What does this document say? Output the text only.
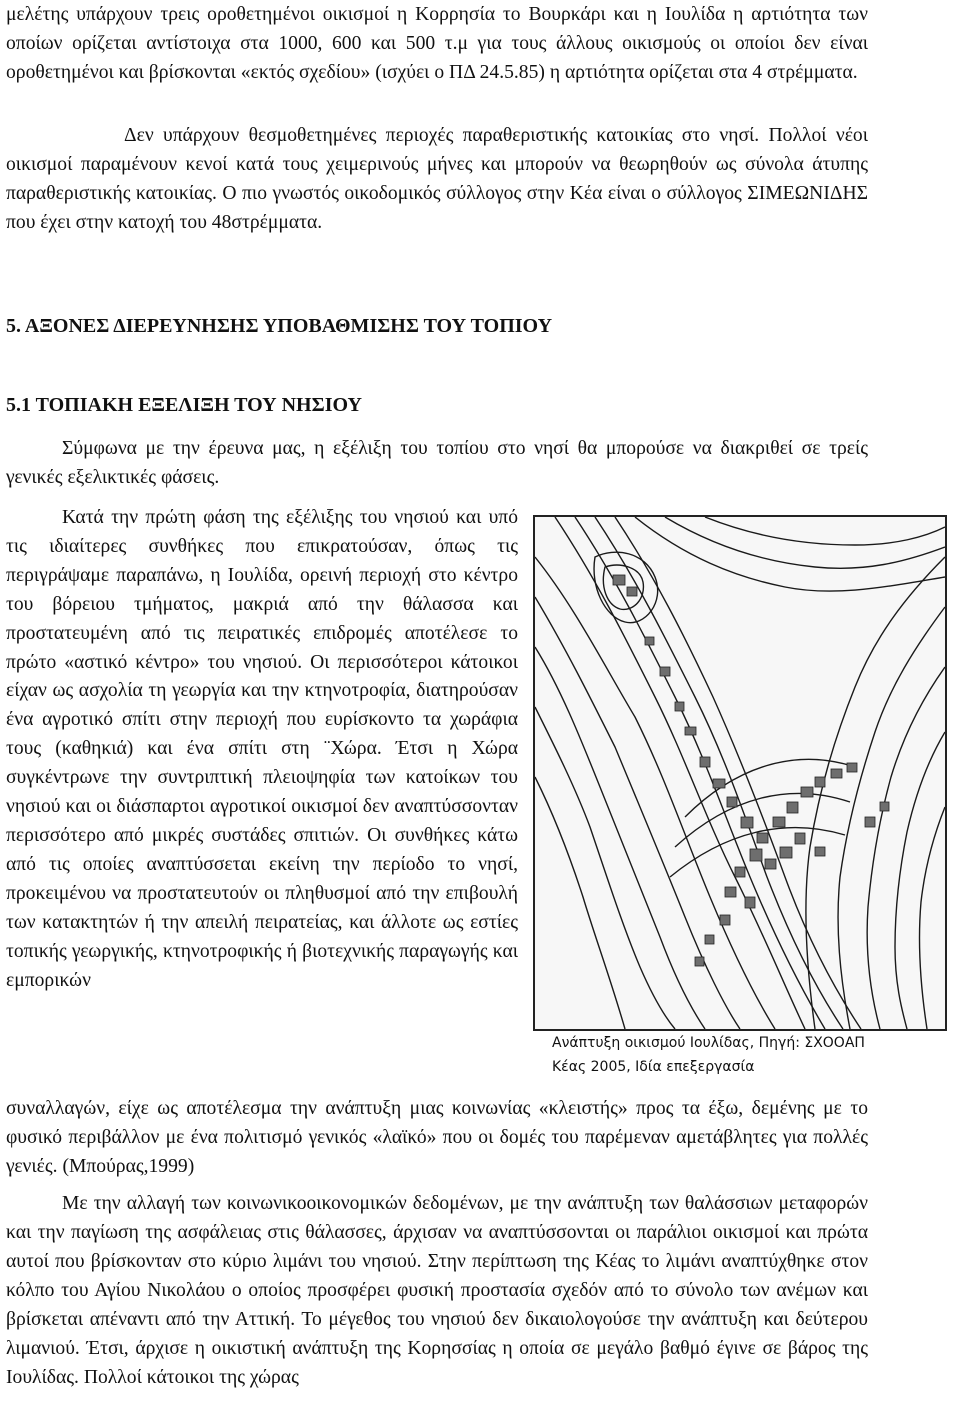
μελέτης υπάρχουν τρεις οροθετημένοι οικισμοί η Κορρησία το Βουρκάρι και η Ιουλίδα η αρτιότητα των οποίων ορίζεται αντίστοιχα στα 1000, 600 και 500 τ.μ για τους άλλους οικισμούς οι οποίοι δεν είναι οροθετημένοι και βρίσκονται «εκτός σχεδίου» (ισχύει ο ΠΔ 24.5.85) η αρτιότητα ορίζεται στα 4 στρέμματα.

Δεν υπάρχουν θεσμοθετημένες περιοχές παραθεριστικής κατοικίας στο νησί. Πολλοί νέοι οικισμοί παραμένουν κενοί κατά τους χειμερινούς μήνες και μπορούν να θεωρηθούν ως σύνολα άτυπης παραθεριστικής κατοικίας. Ο πιο γνωστός οικοδομικός σύλλογος στην Κέα είναι ο σύλλογος ΣΙΜΕΩΝΙΔΗΣ που έχει στην κατοχή του 48στρέμματα.

5. ΑΞΟΝΕΣ ΔΙΕΡΕΥΝΗΣΗΣ ΥΠΟΒΑΘΜΙΣΗΣ ΤΟΥ ΤΟΠΙΟΥ
5.1 ΤΟΠΙΑΚΗ ΕΞΕΛΙΞΗ ΤΟΥ ΝΗΣΙΟΥ

Σύμφωνα με την έρευνα μας, η εξέλιξη του τοπίου στο νησί θα μπορούσε να διακριθεί σε τρείς γενικές εξελικτικές φάσεις.

Κατά την πρώτη φάση της εξέλιξης του νησιού και υπό τις ιδιαίτερες συνθήκες που επικρατούσαν, όπως τις περιγράψαμε παραπάνω, η Ιουλίδα, ορεινή περιοχή στο κέντρο του βόρειου τμήματος, μακριά από την θάλασσα και προστατευμένη από τις πειρατικές επιδρομές αποτέλεσε το πρώτο «αστικό κέντρο» του νησιού. Οι περισσότεροι κάτοικοι είχαν ως ασχολία τη γεωργία και την κτηνοτροφία, διατηρούσαν ένα αγροτικό σπίτι στην περιοχή που ευρίσκοντο τα χωράφια τους (καθηκιά) και ένα σπίτι στη ¨Χώρα. Έτσι η Χώρα συγκέντρωνε την συντριπτική πλειοψηφία των κατοίκων του νησιού και οι διάσπαρτοι αγροτικοί οικισμοί δεν αναπτύσσονταν περισσότερο από μικρές συστάδες σπιτιών. Οι συνθήκες κάτω από τις οποίες αναπτύσσεται εκείνη την περίοδο το νησί, προκειμένου να προστατευτούν οι πληθυσμοί από την επιβουλή των κατακτητών ή την απειλή πειρατείας, και άλλοτε ως εστίες τοπικής γεωργικής, κτηνοτροφικής ή βιοτεχνικής παραγωγής και εμπορικών

Ανάπτυξη οικισμού Ιουλίδας, Πηγή: ΣΧΟΟΑΠ
Κέας 2005, Ιδία επεξεργασία

συναλλαγών, είχε ως αποτέλεσμα την ανάπτυξη μιας κοινωνίας «κλειστής» προς τα έξω, δεμένης με το φυσικό περιβάλλον με ένα πολιτισμό γενικός «λαϊκό» που οι δομές του παρέμεναν αμετάβλητες για πολλές γενιές. (Μπούρας,1999)

Με την αλλαγή των κοινωνικοοικονομικών δεδομένων, με την ανάπτυξη των θαλάσσιων μεταφορών και την παγίωση της ασφάλειας στις θάλασσες, άρχισαν να αναπτύσσονται οι παράλιοι οικισμοί και πρώτα αυτοί που βρίσκονταν στο κύριο λιμάνι του νησιού. Στην περίπτωση της Κέας το λιμάνι αναπτύχθηκε στον κόλπο του Αγίου Νικολάου ο οποίος προσφέρει φυσική προστασία σχεδόν από το σύνολο των ανέμων και βρίσκεται απέναντι από την Αττική. Το μέγεθος του νησιού δεν δικαιολογούσε την ανάπτυξη και δεύτερου λιμανιού. Έτσι, άρχισε η οικιστική ανάπτυξη της Κορησσίας η οποία σε μεγάλο βαθμό έγινε σε βάρος της Ιουλίδας. Πολλοί κάτοικοι της χώρας
